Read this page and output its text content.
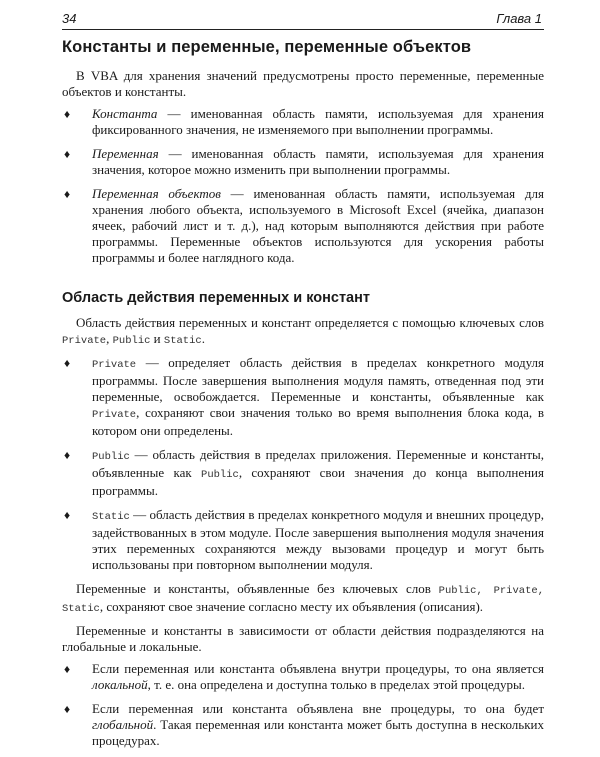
34	Глава 1
Константы и переменные, переменные объектов

В VBA для хранения значений предусмотрены просто переменные, переменные объектов и константы.

♦ Константа — именованная область памяти, используемая для хранения фиксированного значения, не изменяемого при выполнении программы.
♦ Переменная — именованная область памяти, используемая для хранения значения, которое можно изменить при выполнении программы.
♦ Переменная объектов — именованная область памяти, используемая для хранения любого объекта, используемого в Microsoft Excel (ячейка, диапазон ячеек, рабочий лист и т. д.), над которым выполняются действия при работе программы. Переменные объектов используются для ускорения работы программы и более наглядного кода.
Область действия переменных и констант

Область действия переменных и констант определяется с помощью ключевых слов Private, Public и Static.

♦ Private — определяет область действия в пределах конкретного модуля программы. После завершения выполнения модуля память, отведенная под эти переменные, освобождается. Переменные и константы, объявленные как Private, сохраняют свои значения только во время выполнения блока кода, в котором они определены.
♦ Public — область действия в пределах приложения. Переменные и константы, объявленные как Public, сохраняют свои значения до конца выполнения программы.
♦ Static — область действия в пределах конкретного модуля и внешних процедур, задействованных в этом модуле. После завершения выполнения модуля значения этих переменных сохраняются между вызовами процедур и могут быть использованы при повторном выполнении модуля.

Переменные и константы, объявленные без ключевых слов Public, Private, Static, сохраняют свое значение согласно месту их объявления (описания).

Переменные и константы в зависимости от области действия подразделяются на глобальные и локальные.

♦ Если переменная или константа объявлена внутри процедуры, то она является локальной, т. е. она определена и доступна только в пределах этой процедуры.
♦ Если переменная или константа объявлена вне процедуры, то она будет глобальной. Такая переменная или константа может быть доступна в нескольких процедурах.
